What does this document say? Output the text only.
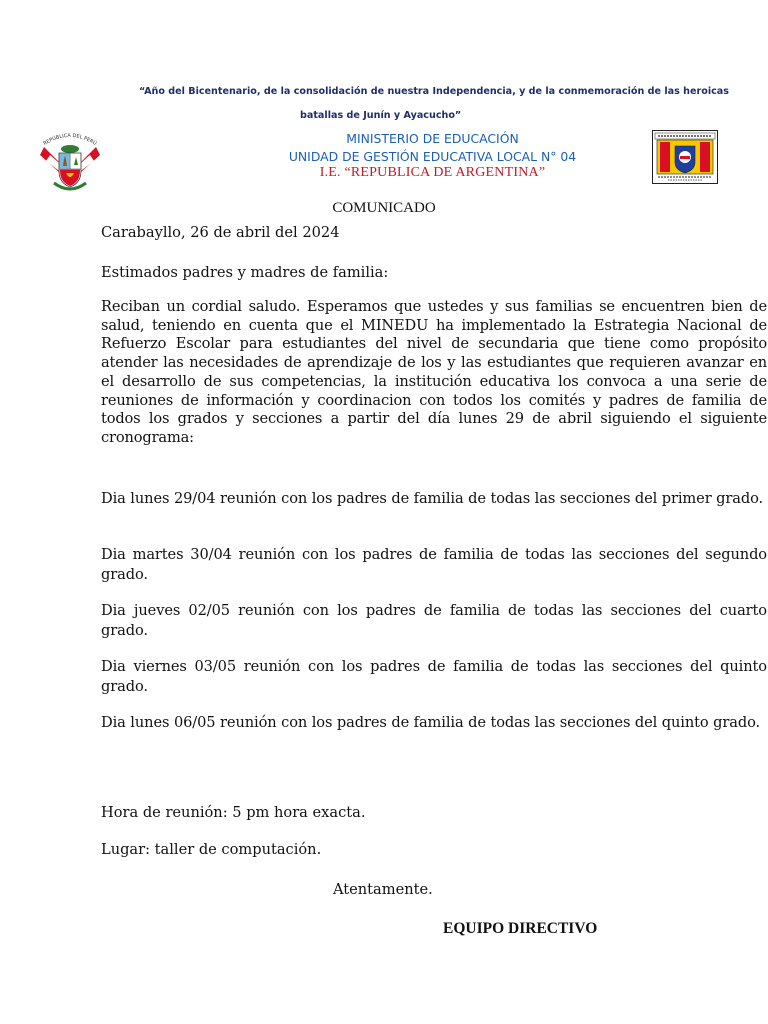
“Año del Bicentenario, de la consolidación de nuestra Independencia, y de la conmemoración de las heroicas
batallas de Junín y Ayacucho”
REPÚBLICA DEL PERÚ	MINISTERIO DE EDUCACIÓN
UNIDAD DE GESTIÓN EDUCATIVA LOCAL N° 04
I.E. “REPUBLICA DE ARGENTINA”
COMUNICADO
Carabayllo, 26 de abril del 2024
Estimados padres y madres de familia:
Reciban un cordial saludo. Esperamos que ustedes y sus familias se encuentren bien de salud, teniendo en cuenta que el MINEDU ha implementado la Estrategia Nacional de Refuerzo Escolar para estudiantes del nivel de secundaria que tiene como propósito atender las necesidades de aprendizaje de los y las estudiantes que requieren avanzar en el desarrollo de sus competencias, la institución educativa los convoca a una serie de reuniones de información y coordinacion con todos los comités y padres de familia de todos los grados y secciones a partir del día lunes 29 de abril siguiendo el siguiente cronograma:
Dia lunes 29/04 reunión con los padres de familia de todas las secciones del primer grado.
Dia martes 30/04 reunión con los padres de familia de todas las secciones del segundo grado.
Dia jueves 02/05 reunión con los padres de familia de todas las secciones del cuarto grado.
Dia viernes 03/05 reunión con los padres de familia de todas las secciones del quinto grado.
Dia lunes 06/05 reunión con los padres de familia de todas las secciones del quinto grado.
Hora de reunión: 5 pm hora exacta.
Lugar: taller de computación.
Atentamente.
EQUIPO DIRECTIVO
